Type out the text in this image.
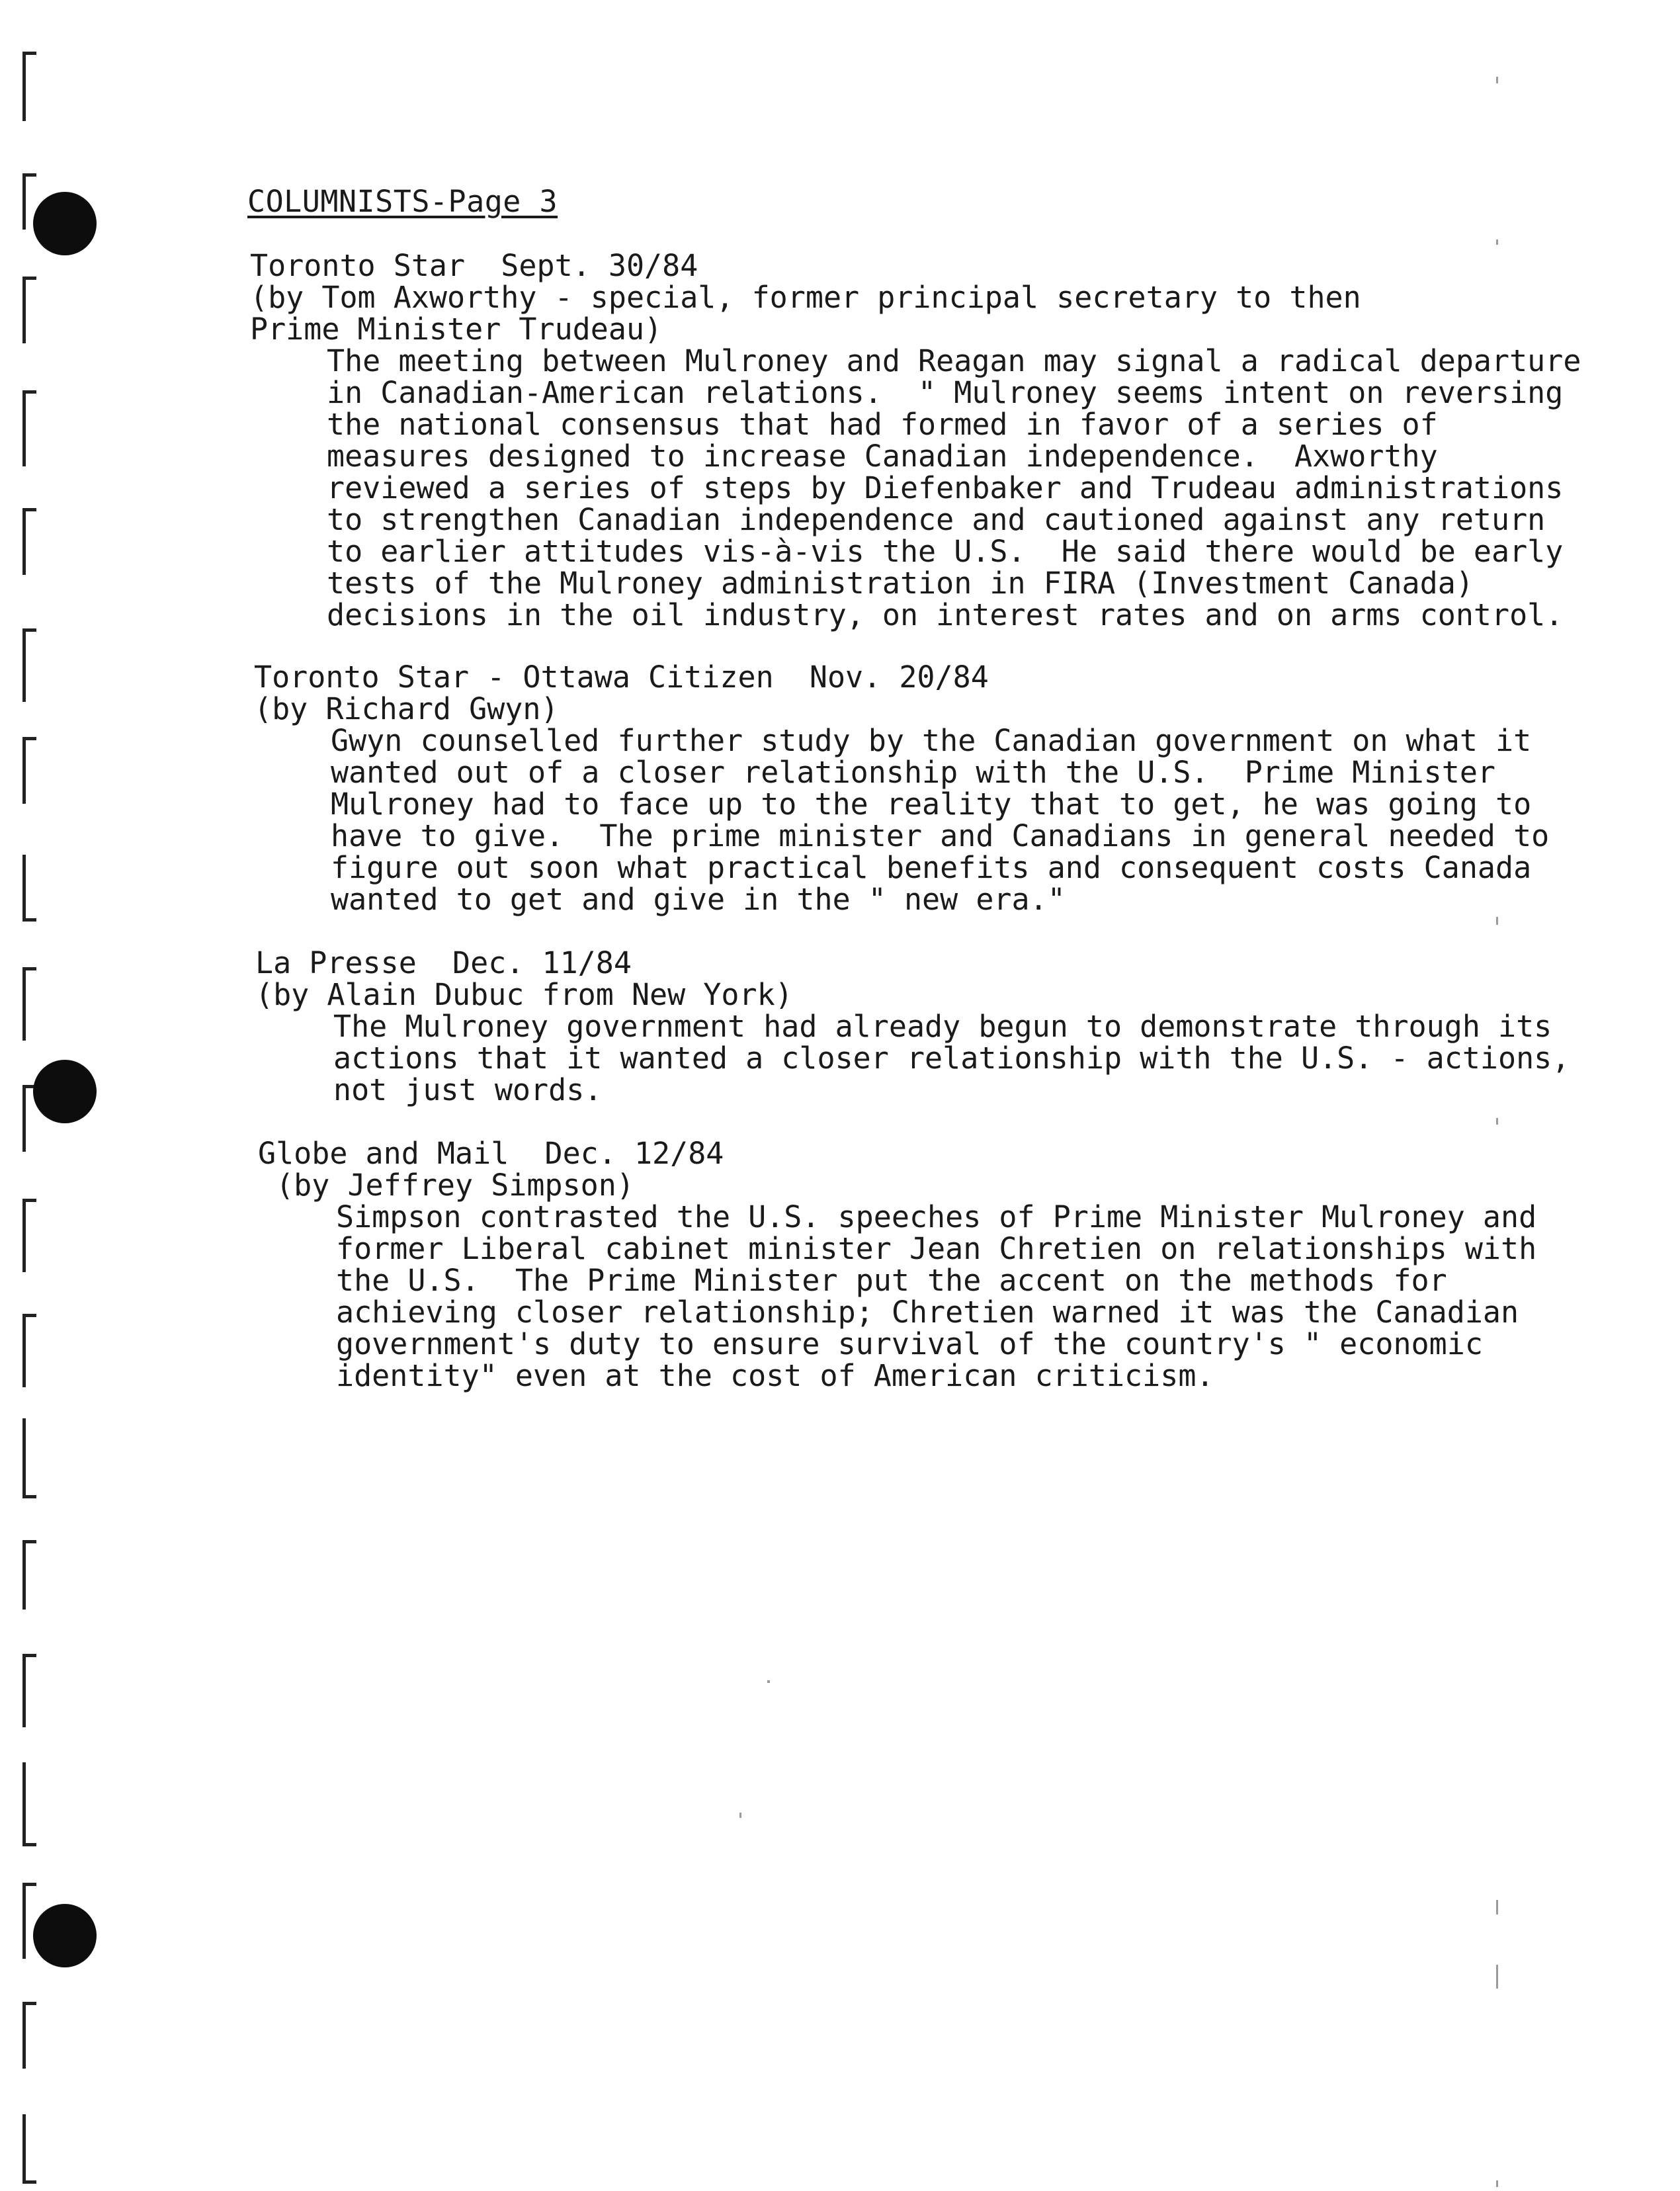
COLUMNISTS-Page 3
Toronto Star  Sept. 30/84
(by Tom Axworthy - special, former principal secretary to then
Prime Minister Trudeau)
The meeting between Mulroney and Reagan may signal a radical departure
in Canadian-American relations.  " Mulroney seems intent on reversing
the national consensus that had formed in favor of a series of
measures designed to increase Canadian independence.  Axworthy
reviewed a series of steps by Diefenbaker and Trudeau administrations
to strengthen Canadian independence and cautioned against any return
to earlier attitudes vis-à-vis the U.S.  He said there would be early
tests of the Mulroney administration in FIRA (Investment Canada)
decisions in the oil industry, on interest rates and on arms control.
Toronto Star - Ottawa Citizen  Nov. 20/84
(by Richard Gwyn)
Gwyn counselled further study by the Canadian government on what it
wanted out of a closer relationship with the U.S.  Prime Minister
Mulroney had to face up to the reality that to get, he was going to
have to give.  The prime minister and Canadians in general needed to
figure out soon what practical benefits and consequent costs Canada
wanted to get and give in the " new era."
La Presse  Dec. 11/84
(by Alain Dubuc from New York)
The Mulroney government had already begun to demonstrate through its
actions that it wanted a closer relationship with the U.S. - actions,
not just words.
Globe and Mail  Dec. 12/84
(by Jeffrey Simpson)
Simpson contrasted the U.S. speeches of Prime Minister Mulroney and
former Liberal cabinet minister Jean Chretien on relationships with
the U.S.  The Prime Minister put the accent on the methods for
achieving closer relationship; Chretien warned it was the Canadian
government's duty to ensure survival of the country's " economic
identity" even at the cost of American criticism.
